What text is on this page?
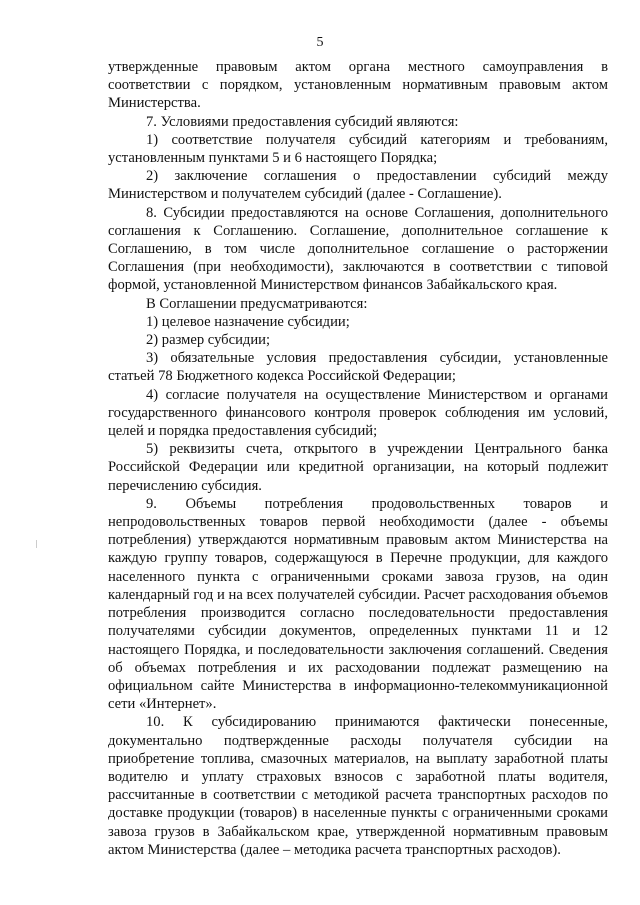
5

утвержденные правовым актом органа местного самоуправления в соответствии с порядком, установленным нормативным правовым актом Министерства.

7. Условиями предоставления субсидий являются:

1) соответствие получателя субсидий категориям и требованиям, установленным пунктами 5 и 6 настоящего Порядка;

2) заключение соглашения о предоставлении субсидий между Министерством и получателем субсидий (далее - Соглашение).

8. Субсидии предоставляются на основе Соглашения, дополнительного соглашения к Соглашению. Соглашение, дополнительное соглашение к Соглашению, в том числе дополнительное соглашение о расторжении Соглашения (при необходимости), заключаются в соответствии с типовой формой, установленной Министерством финансов Забайкальского края.

В Соглашении предусматриваются:

1) целевое назначение субсидии;

2) размер субсидии;

3) обязательные условия предоставления субсидии, установленные статьей 78 Бюджетного кодекса Российской Федерации;

4) согласие получателя на осуществление Министерством и органами государственного финансового контроля проверок соблюдения им условий, целей и порядка предоставления субсидий;

5) реквизиты счета, открытого в учреждении Центрального банка Российской Федерации или кредитной организации, на который подлежит перечислению субсидия.

9. Объемы потребления продовольственных товаров и непродовольственных товаров первой необходимости (далее - объемы потребления) утверждаются нормативным правовым актом Министерства на каждую группу товаров, содержащуюся в Перечне продукции, для каждого населенного пункта с ограниченными сроками завоза грузов, на один календарный год и на всех получателей субсидии. Расчет расходования объемов потребления производится согласно последовательности предоставления получателями субсидии документов, определенных пунктами 11 и 12 настоящего Порядка, и последовательности заключения соглашений. Сведения об объемах потребления и их расходовании подлежат размещению на официальном сайте Министерства в информационно-телекоммуникационной сети «Интернет».

10. К субсидированию принимаются фактически понесенные, документально подтвержденные расходы получателя субсидии на приобретение топлива, смазочных материалов, на выплату заработной платы водителю и уплату страховых взносов с заработной платы водителя, рассчитанные в соответствии с методикой расчета транспортных расходов по доставке продукции (товаров) в населенные пункты с ограниченными сроками завоза грузов в Забайкальском крае, утвержденной нормативным правовым актом Министерства (далее – методика расчета транспортных расходов).
